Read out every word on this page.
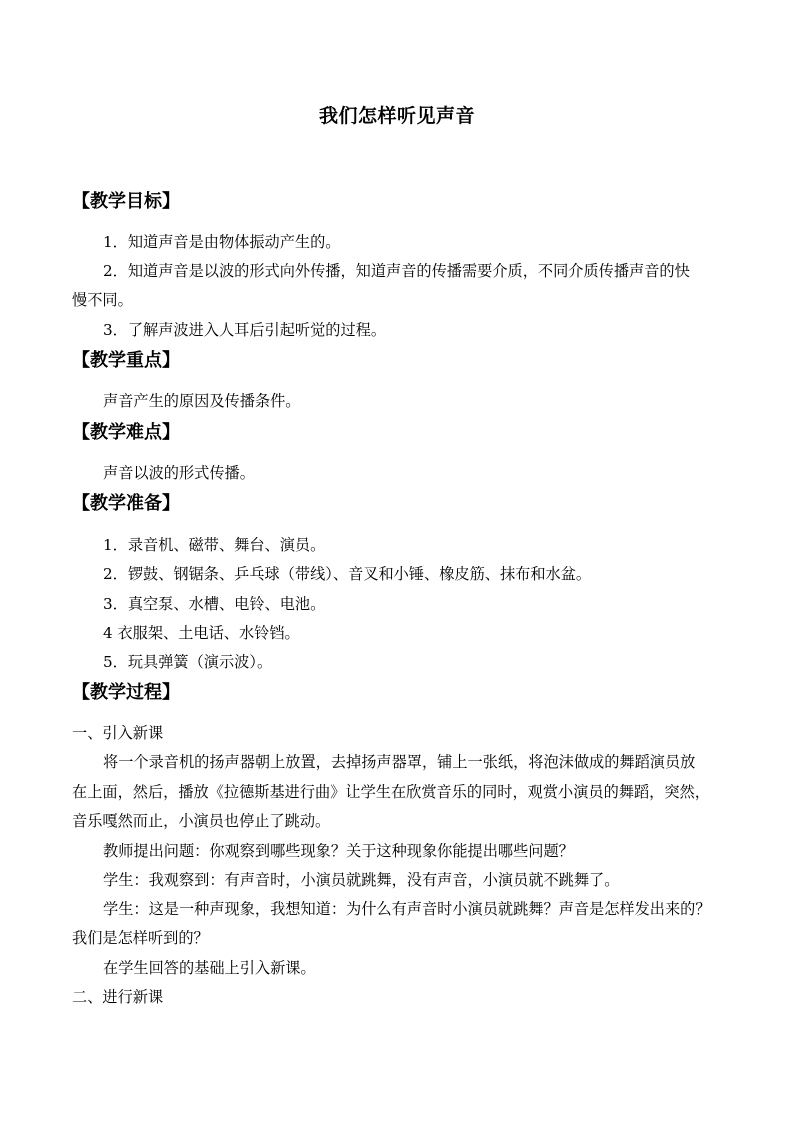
我们怎样听见声音
【教学目标】
1．知道声音是由物体振动产生的。
2．知道声音是以波的形式向外传播，知道声音的传播需要介质，不同介质传播声音的快
慢不同。
3．了解声波进入人耳后引起听觉的过程。
【教学重点】
声音产生的原因及传播条件。
【教学难点】
声音以波的形式传播。
【教学准备】
1．录音机、磁带、舞台、演员。
2．锣鼓、钢锯条、乒乓球（带线）、音叉和小锤、橡皮筋、抹布和水盆。
3．真空泵、水槽、电铃、电池。
4 衣服架、土电话、水铃铛。
5．玩具弹簧（演示波）。
【教学过程】
一、引入新课
将一个录音机的扬声器朝上放置，去掉扬声器罩，铺上一张纸，将泡沫做成的舞蹈演员放
在上面，然后，播放《拉德斯基进行曲》让学生在欣赏音乐的同时，观赏小演员的舞蹈，突然，
音乐嘎然而止，小演员也停止了跳动。
教师提出问题：你观察到哪些现象？关于这种现象你能提出哪些问题？
学生：我观察到：有声音时，小演员就跳舞，没有声音，小演员就不跳舞了。
学生：这是一种声现象，我想知道：为什么有声音时小演员就跳舞？声音是怎样发出来的？
我们是怎样听到的？
在学生回答的基础上引入新课。
二、进行新课
